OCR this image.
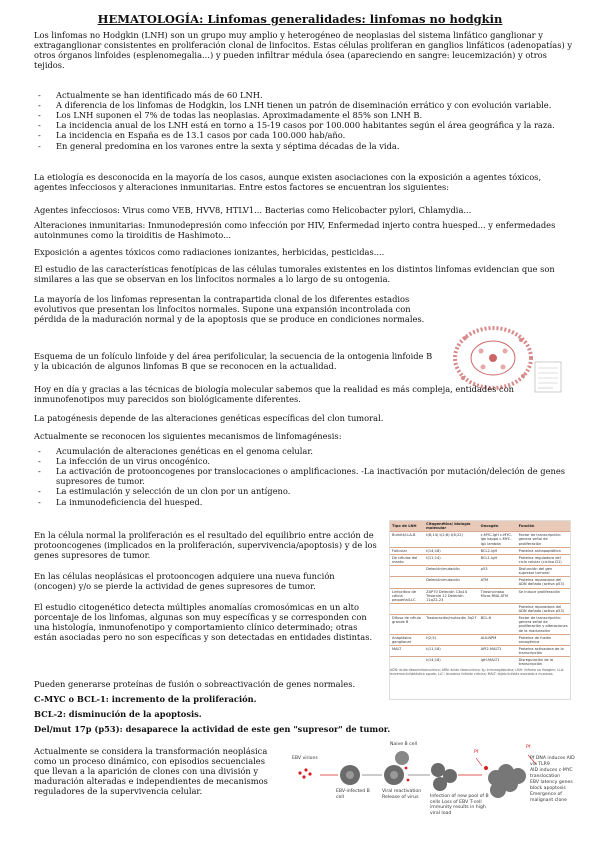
HEMATOLOGÍA: Linfomas generalidades: linfomas no hodgkin

Los linfomas no Hodgkin (LNH) son un grupo muy amplio y heterogéneo de neoplasias del sistema linfático ganglionar y extraganglionar consistentes en proliferación clonal de linfocitos. Estas células proliferan en ganglios linfáticos (adenopatías) y otros órganos linfoides (esplenomegalia...) y pueden infiltrar médula ósea (apareciendo en sangre: leucemización) y otros tejidos.

- Actualmente se han identificado más de 60 LNH.
- A diferencia de los linfomas de Hodgkin, los LNH tienen un patrón de diseminación errático y con evolución variable.
- Los LNH suponen el 7% de todas las neoplasias. Aproximadamente el 85% son LNH B.
- La incidencia anual de los LNH está en torno a 15-19 casos por 100.000 habitantes según el área geográfica y la raza.
- La incidencia en España es de 13.1 casos por cada 100.000 hab/año.
- En general predomina en los varones entre la sexta y séptima décadas de la vida.

La etiología es desconocida en la mayoría de los casos, aunque existen asociaciones con la exposición a agentes tóxicos, agentes infecciosos y alteraciones inmunitarias. Entre estos factores se encuentran los siguientes:

Agentes infecciosos: Virus como VEB, HVV8, HTLV1... Bacterias como Helicobacter pylori, Chlamydia...

Alteraciones inmunitarias: Inmunodepresión como infección por HIV, Enfermedad injerto contra huesped... y enfermedades autoinmunes como la tiroiditis de Hashimoto...

Exposición a agentes tóxicos como radiaciones ionizantes, herbicidas, pesticidas....

El estudio de las características fenotípicas de las células tumorales existentes en los distintos linfomas evidencian que son similares a las que se observan en los linfocitos normales a lo largo de su ontogenia.

La mayoría de los linfomas representan la contrapartida clonal de los diferentes estadios evolutivos que presentan los linfocitos normales. Supone una expansión incontrolada con pérdida de la maduración normal y de la apoptosis que se produce en condiciones normales.

Esquema de un folículo linfoide y del área perifolicular, la secuencia de la ontogenia linfoide B y la ubicación de algunos linfomas B que se reconocen en la actualidad.

Hoy en día y gracias a las técnicas de biología molecular sabemos que la realidad es más compleja, entidades con inmunofenotipos muy parecidos son biológicamente diferentes.

La patogénesis depende de las alteraciones genéticas específicas del clon tumoral.

Actualmente se reconocen los siguientes mecanismos de linfomagénesis:

- Acumulación de alteraciones genéticas en el genoma celular.
- La infección de un virus oncogénico.
- La activación de protooncogenes por translocaciones o amplificaciones. -La inactivación por mutación/deleción de genes supresores de tumor.
- La estimulación y selección de un clon por un antígeno.
- La inmunodeficiencia del huesped.

En la célula normal la proliferación es el resultado del equilibrio entre acción de protooncogenes (implicados en la proliferación, supervivencia/apoptosis) y de los genes supresores de tumor.

En las células neoplásicas el protooncogen adquiere una nueva función (oncogen) y/o se pierde la actividad de genes supresores de tumor.

El estudio citogenético detecta múltiples anomalías cromosómicas en un alto porcentaje de los linfomas, algunas son muy específicas y se corresponden con una histología, inmunofenotipo y comportamiento clínico determinado; otras están asociadas pero no son específicas y son detectadas en entidades distintas.

Tipo de LNH	Citogenética/ biología molecular	Oncogén	Función
Burkitt/LLA-B	t(8;14) t(2;8) t(8;22)	c-MYC-IgH c-MYC-Igκ kappa c-MYC-Igλ lambda	Factor de transcripción: genera señal de proliferación
Folicular	t(14;18)	BCL2-IgH	Proteína antiapoptótica
De células del manto	t(11;14)	BCL1-IgH	Proteína reguladora del ciclo celular (ciclina D1)
	Deleción/mutación	p53	Disfunción del gen supresor tumoral
	Deleción/mutación	ATM	Proteína reparadora del ADN dañado (activa p53)
Linfocítico de célula pequeña/LLC	ZAP70 Deleción 13q14 Trisomía 12 Deleción 11q22-23	Tirosincinasa Micro-RNA ATM	Se induce proliferación
			Proteína reparadora del ADN dañado (activa p53)
Difuso de célula grande B	Traslocación/mutación 3q27	BCL-6	Factor de transcripción: genera señal de proliferación y alteraciones de la maduración
Anaplásico ganglionar	t(2;5)	ALK-NPM	Proteína de fusión oncogénica
MALT	t(11;18)	API2-MALT1	Proteína activadora de la transcripción
	t(14;18)	IgH-MALT1	Disregulación de la transcripción
ADN: ácido desoxirribonucleico; ARN: ácido ribonucleico; Ig: inmunoglobulina; LNH: linfoma no Hodgkin; LLA: leucemia linfoblástica aguda; LLC: leucemia linfoide crónica; MALT: tejido linfoide asociado a mucosas.

Pueden generarse proteínas de fusión o sobreactivación de genes normales.

C-MYC o BCL-1: incremento de la proliferación.

BCL-2: disminución de la apoptosis.

Del/mut 17p (p53): desaparece la actividad de este gen "supresor" de tumor.

Actualmente se considera la transformación neoplásica como un proceso dinámico, con episodios secuenciales que llevan a la aparición de clones con una división y maduración alteradas e independientes de mecanismos reguladores de la supervivencia celular.

Naive B cell
EBV virions
EBV-infected B cell
Viral reactivation Release of virus	Infection of new pool of B cells Loss of EBV T-cell immunity results in high viral load
Pf
Pf
Pf DNA induces AID via TLR9
AID induces c-MYC translocation
EBV latency genes block apoptosis
Emergence of malignant clone
